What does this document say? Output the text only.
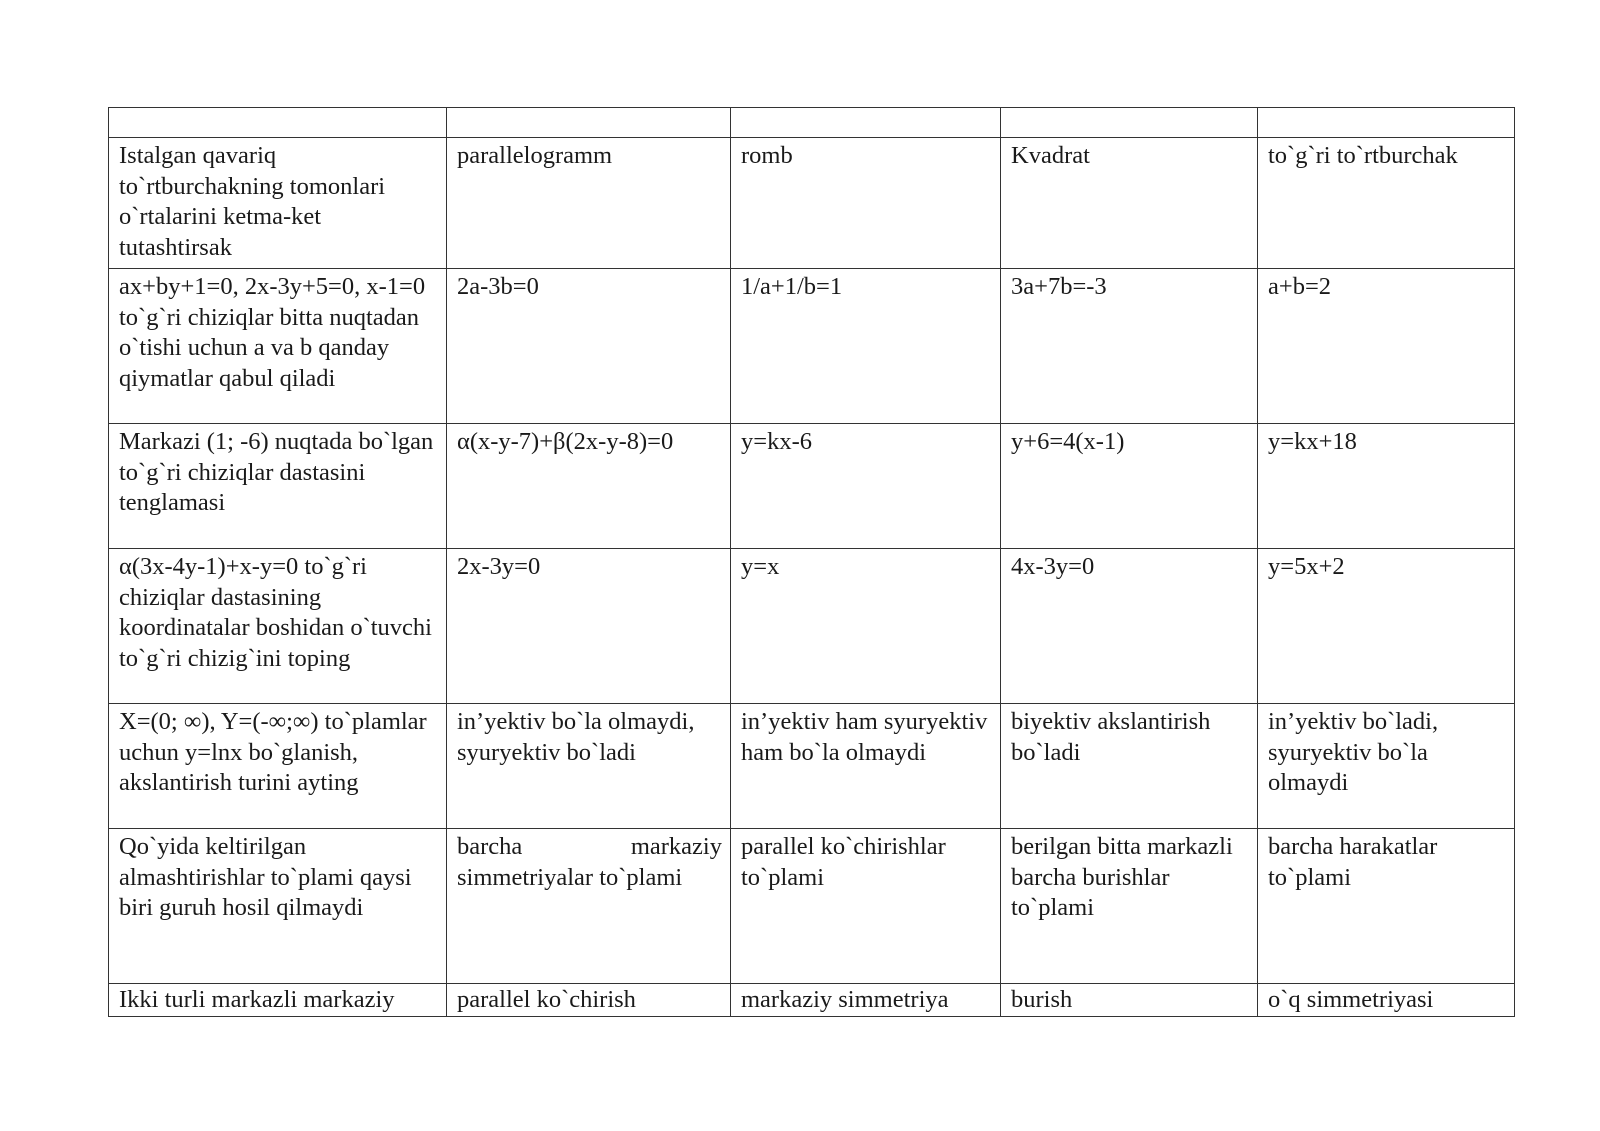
Istalgan qavariq to`rtburchakning tomonlari o`rtalarini ketma-ket tutashtirsak	parallelogramm	romb	Kvadrat	to`g`ri to`rtburchak
ax+by+1=0, 2x-3y+5=0, x-1=0 to`g`ri chiziqlar bitta nuqtadan o`tishi uchun a va b qanday qiymatlar qabul qiladi	2a-3b=0	1/a+1/b=1	3a+7b=-3	a+b=2
Markazi (1; -6) nuqtada bo`lgan to`g`ri chiziqlar dastasini tenglamasi	α(x-y-7)+β(2x-y-8)=0	y=kx-6	y+6=4(x-1)	y=kx+18
α(3x-4y-1)+x-y=0 to`g`ri chiziqlar dastasining koordinatalar boshidan o`tuvchi to`g`ri chizig`ini toping	2x-3y=0	y=x	4x-3y=0	y=5x+2
X=(0; ∞), Y=(-∞;∞) to`plamlar uchun y=lnx bo`glanish, akslantirish turini ayting	in’yektiv bo`la olmaydi, syuryektiv bo`ladi	in’yektiv ham syuryektiv ham bo`la olmaydi	biyektiv akslantirish bo`ladi	in’yektiv bo`ladi, syuryektiv bo`la olmaydi
Qo`yida keltirilgan almashtirishlar to`plami qaysi biri guruh hosil qilmaydi	barcha markaziy simmetriyalar to`plami	parallel ko`chirishlar to`plami	berilgan bitta markazli barcha burishlar to`plami	barcha harakatlar to`plami
Ikki turli markazli markaziy	parallel ko`chirish	markaziy simmetriya	burish	o`q simmetriyasi
